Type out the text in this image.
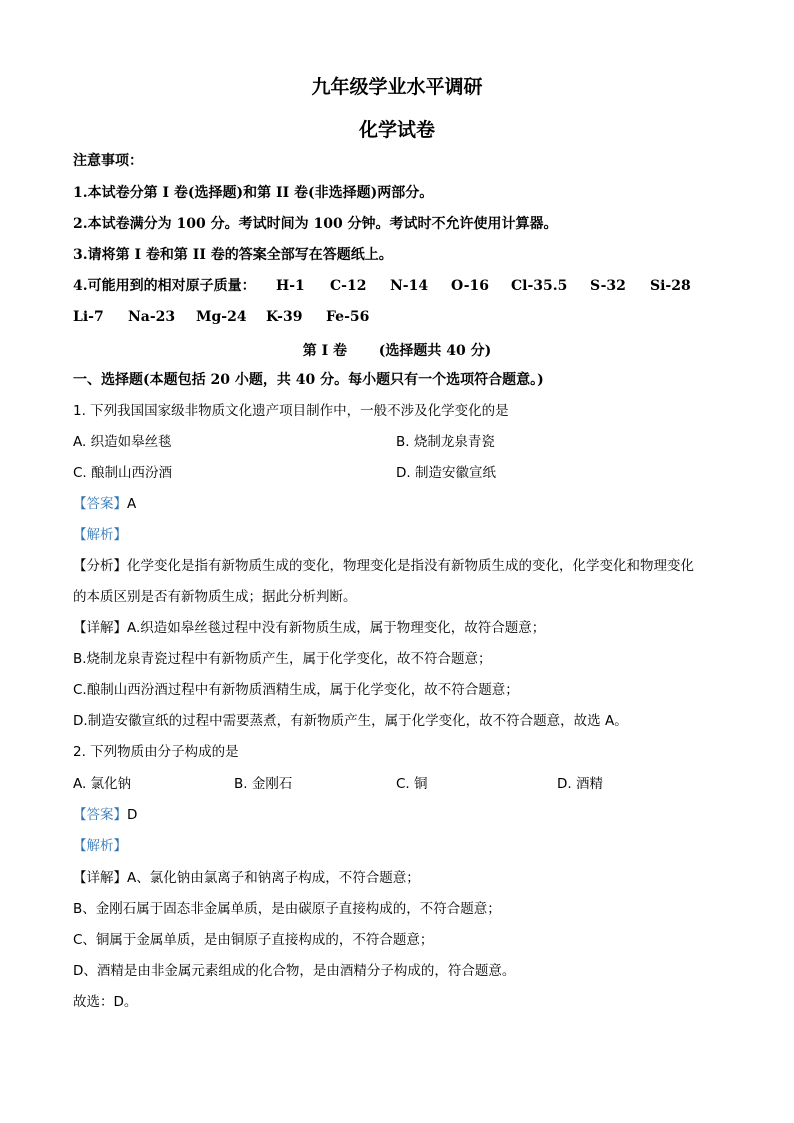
九年级学业水平调研
化学试卷
注意事项：
1.本试卷分第 I 卷(选择题)和第 II 卷(非选择题)两部分。
2.本试卷满分为 100 分。考试时间为 100 分钟。考试时不允许使用计算器。
3.请将第 I 卷和第 II 卷的答案全部写在答题纸上。
4.可能用到的相对原子质量： H-1 C-12 N-14 O-16 Cl-35.5 S-32 Si-28
Li-7 Na-23 Mg-24 K-39 Fe-56
第 I 卷 (选择题共 40 分)
一、选择题(本题包括 20 小题，共 40 分。每小题只有一个选项符合题意。)
1. 下列我国国家级非物质文化遗产项目制作中，一般不涉及化学变化的是
A. 织造如皋丝毯	B. 烧制龙泉青瓷
C. 酿制山西汾酒	D. 制造安徽宣纸
【答案】A
【解析】
【分析】化学变化是指有新物质生成的变化，物理变化是指没有新物质生成的变化，化学变化和物理变化
的本质区别是否有新物质生成；据此分析判断。
【详解】A.织造如皋丝毯过程中没有新物质生成，属于物理变化，故符合题意；
B.烧制龙泉青瓷过程中有新物质产生，属于化学变化，故不符合题意；
C.酿制山西汾酒过程中有新物质酒精生成，属于化学变化，故不符合题意；
D.制造安徽宣纸的过程中需要蒸煮，有新物质产生，属于化学变化，故不符合题意，故选 A。
2. 下列物质由分子构成的是
A. 氯化钠	B. 金刚石	C. 铜	D. 酒精
【答案】D
【解析】
【详解】A、氯化钠由氯离子和钠离子构成，不符合题意；
B、金刚石属于固态非金属单质，是由碳原子直接构成的，不符合题意；
C、铜属于金属单质，是由铜原子直接构成的，不符合题意；
D、酒精是由非金属元素组成的化合物，是由酒精分子构成的，符合题意。
故选：D。
